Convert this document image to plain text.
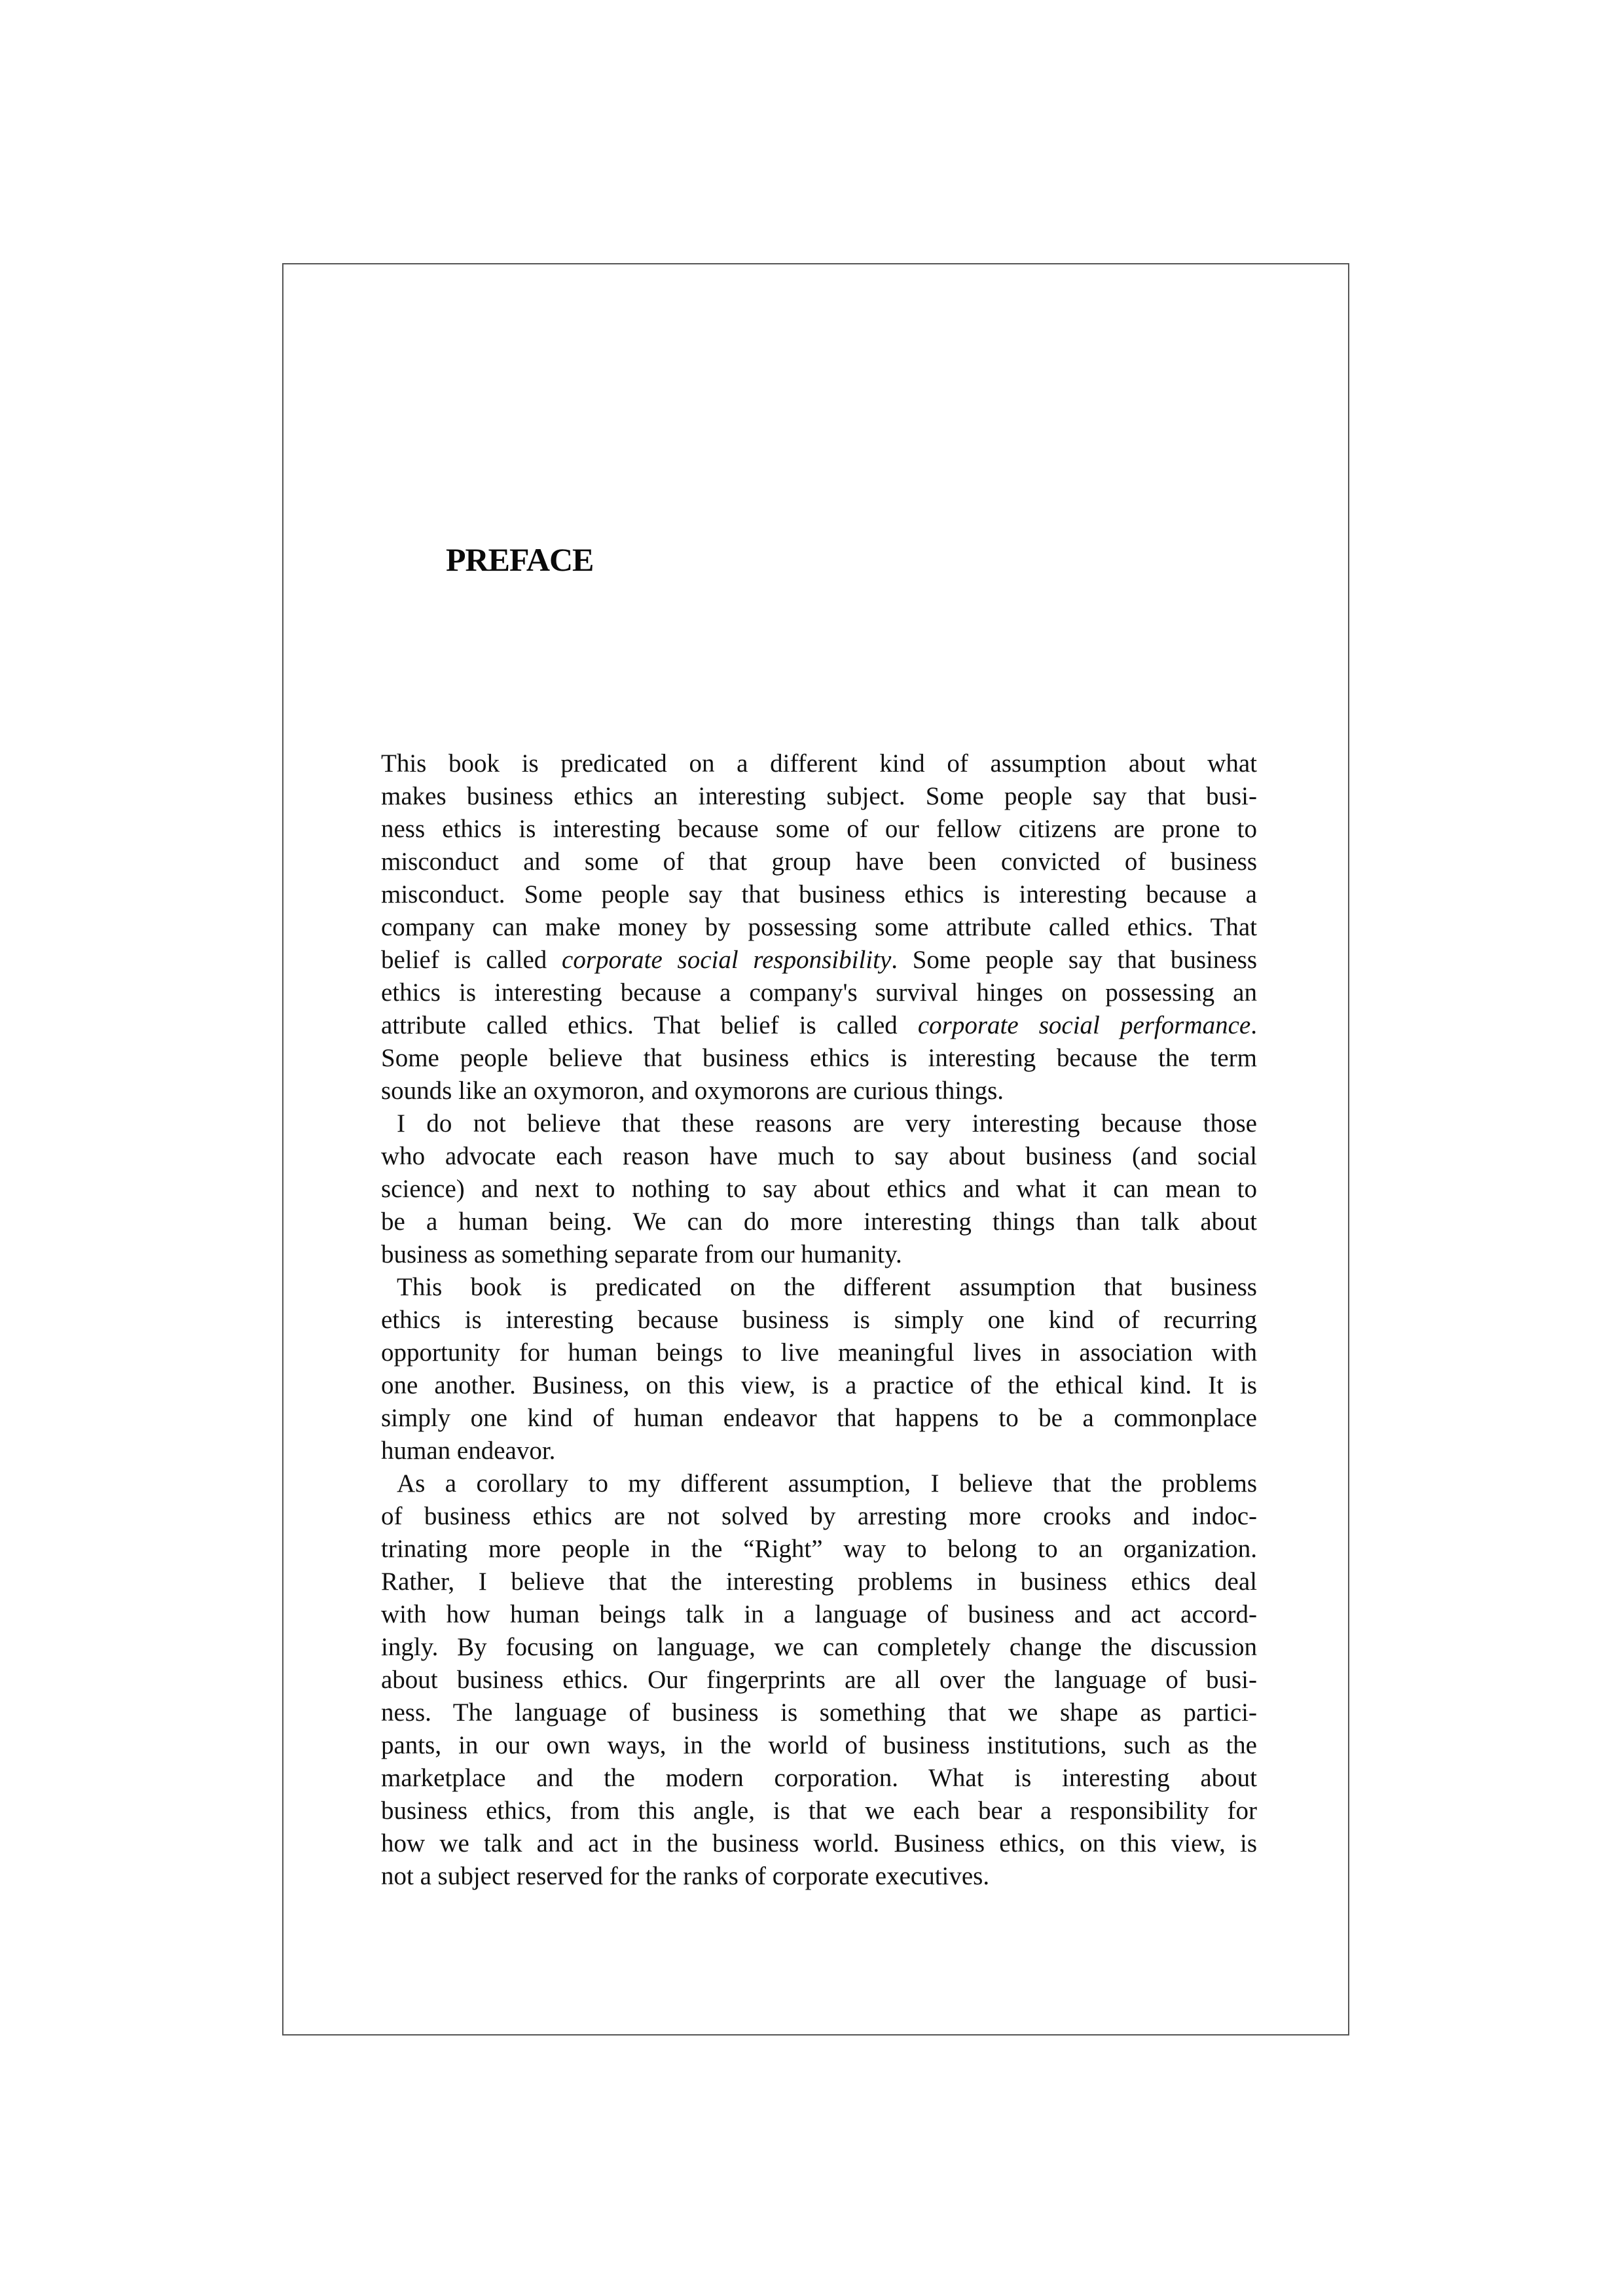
PREFACE
This book is predicated on a different kind of assumption about what
makes business ethics an interesting subject. Some people say that busi-
ness ethics is interesting because some of our fellow citizens are prone to
misconduct and some of that group have been convicted of business
misconduct. Some people say that business ethics is interesting because a
company can make money by possessing some attribute called ethics. That
belief is called corporate social responsibility. Some people say that business
ethics is interesting because a company's survival hinges on possessing an
attribute called ethics. That belief is called corporate social performance.
Some people believe that business ethics is interesting because the term
sounds like an oxymoron, and oxymorons are curious things.
I do not believe that these reasons are very interesting because those
who advocate each reason have much to say about business (and social
science) and next to nothing to say about ethics and what it can mean to
be a human being. We can do more interesting things than talk about
business as something separate from our humanity.
This book is predicated on the different assumption that business
ethics is interesting because business is simply one kind of recurring
opportunity for human beings to live meaningful lives in association with
one another. Business, on this view, is a practice of the ethical kind. It is
simply one kind of human endeavor that happens to be a commonplace
human endeavor.
As a corollary to my different assumption, I believe that the problems
of business ethics are not solved by arresting more crooks and indoc-
trinating more people in the “Right” way to belong to an organization.
Rather, I believe that the interesting problems in business ethics deal
with how human beings talk in a language of business and act accord-
ingly. By focusing on language, we can completely change the discussion
about business ethics. Our fingerprints are all over the language of busi-
ness. The language of business is something that we shape as partici-
pants, in our own ways, in the world of business institutions, such as the
marketplace and the modern corporation. What is interesting about
business ethics, from this angle, is that we each bear a responsibility for
how we talk and act in the business world. Business ethics, on this view, is
not a subject reserved for the ranks of corporate executives.
